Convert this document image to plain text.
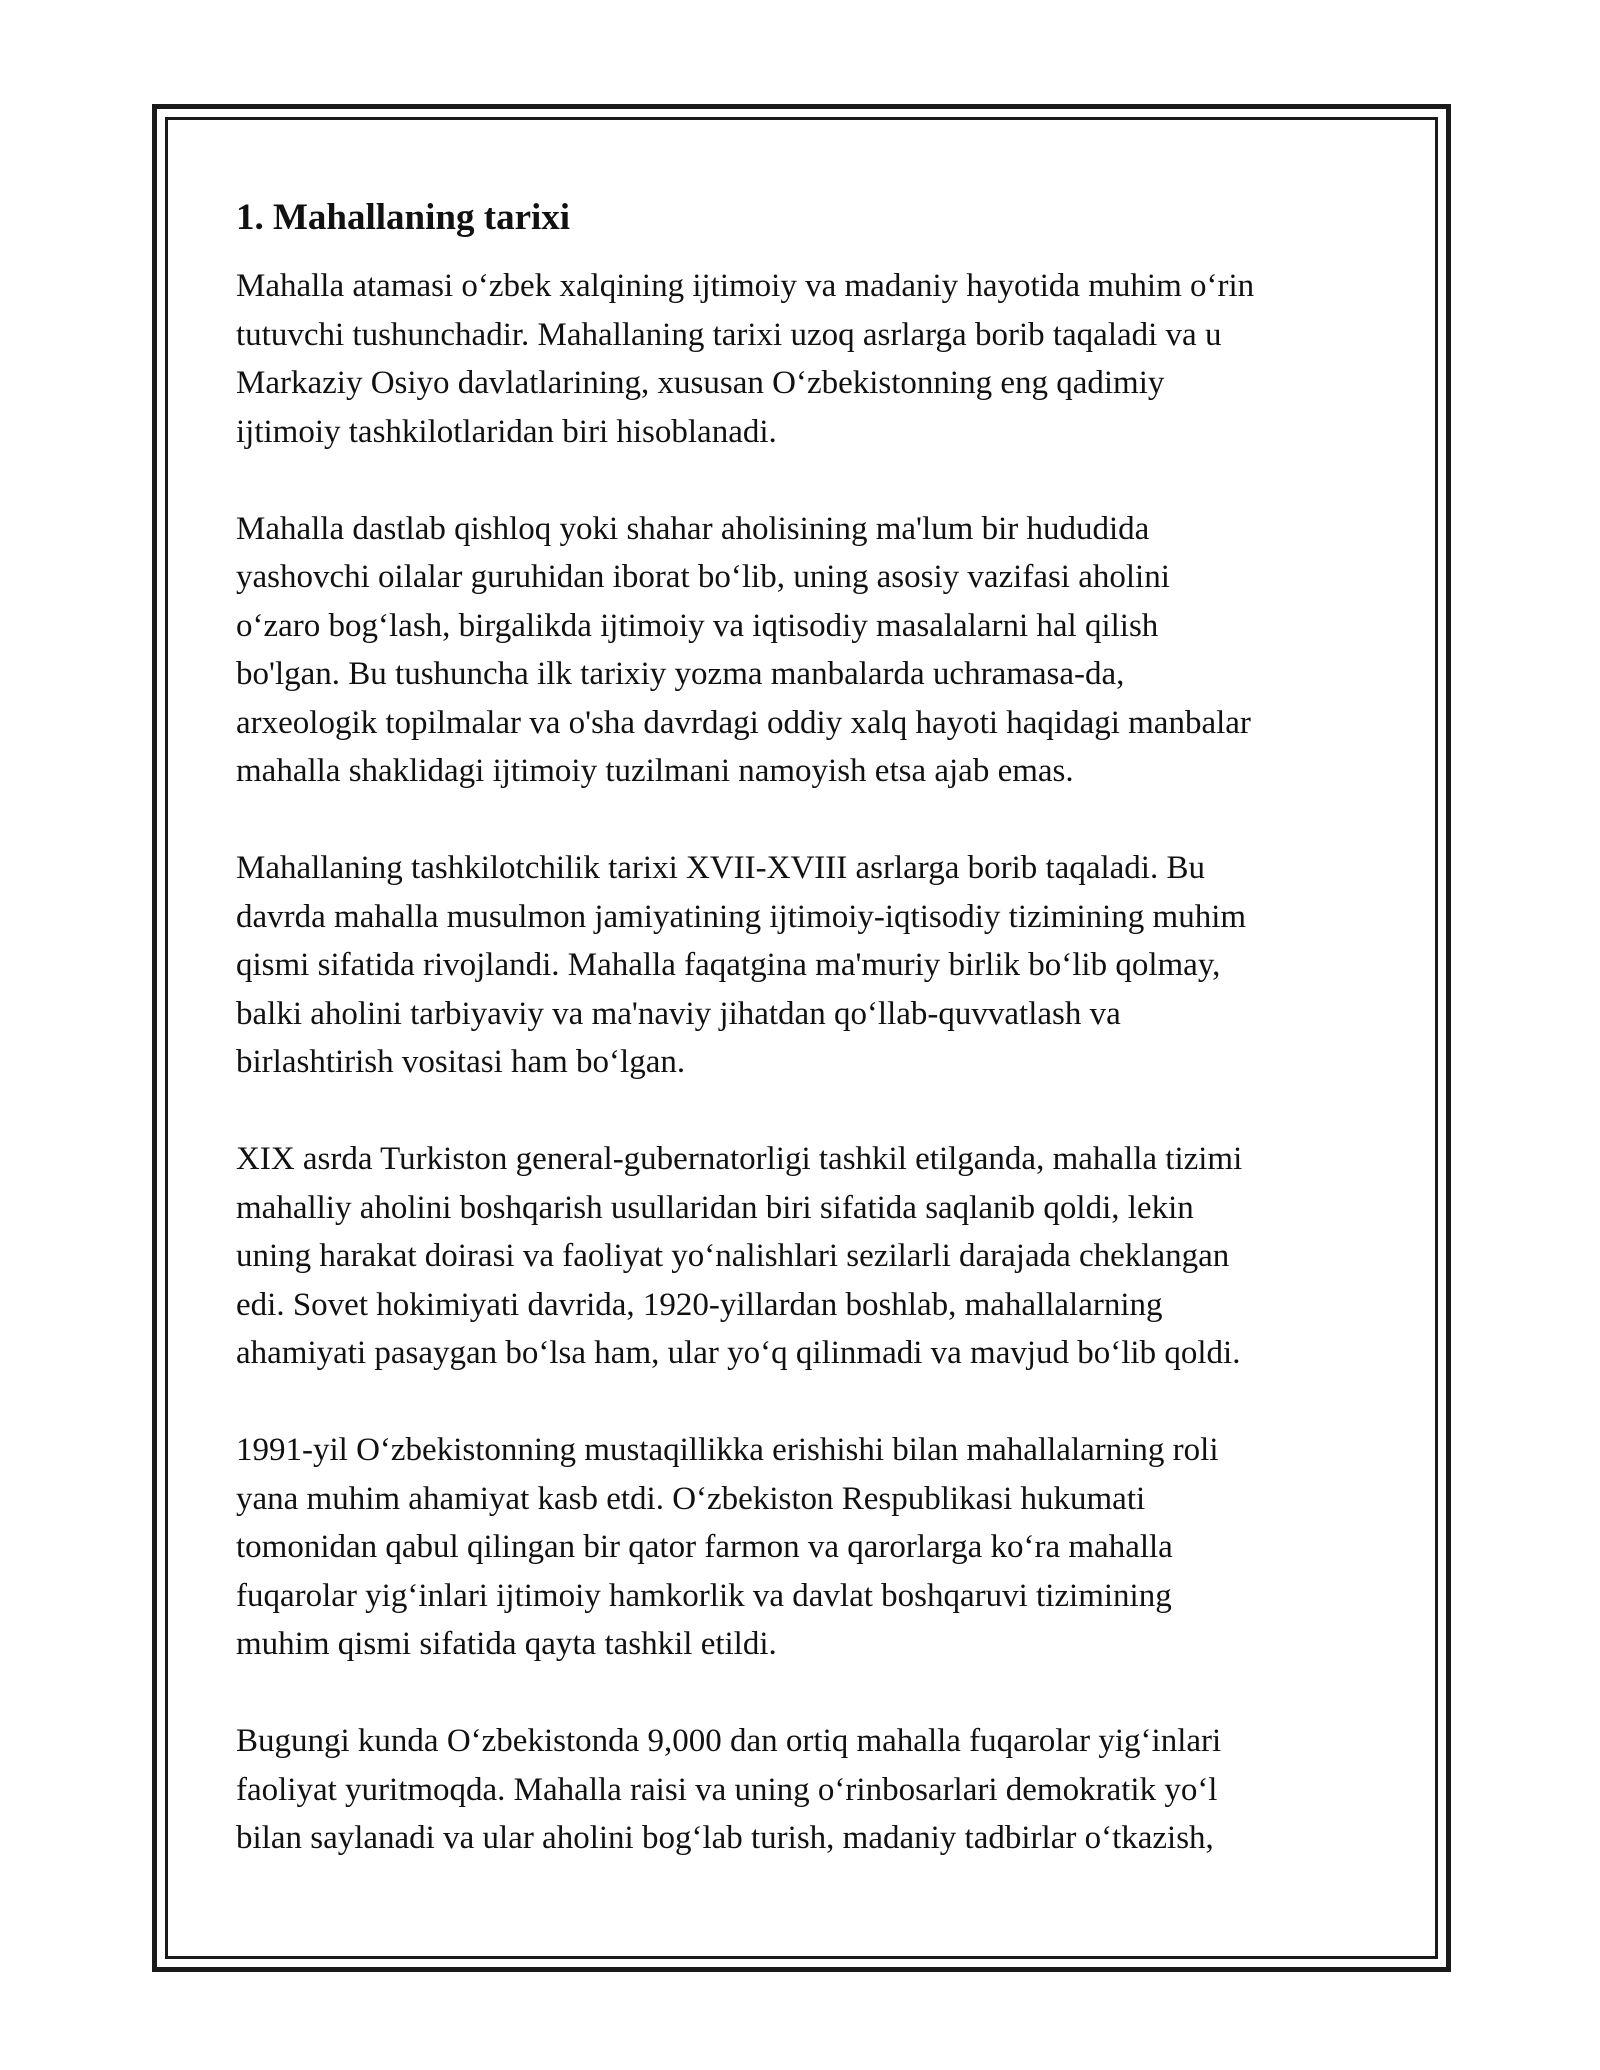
1. Mahallaning tarixi
Mahalla atamasi o‘zbek xalqining ijtimoiy va madaniy hayotida muhim o‘rin
tutuvchi tushunchadir. Mahallaning tarixi uzoq asrlarga borib taqaladi va u
Markaziy Osiyo davlatlarining, xususan O‘zbekistonning eng qadimiy
ijtimoiy tashkilotlaridan biri hisoblanadi.
Mahalla dastlab qishloq yoki shahar aholisining ma'lum bir hududida
yashovchi oilalar guruhidan iborat bo‘lib, uning asosiy vazifasi aholini
o‘zaro bog‘lash, birgalikda ijtimoiy va iqtisodiy masalalarni hal qilish
bo'lgan. Bu tushuncha ilk tarixiy yozma manbalarda uchramasa-da,
arxeologik topilmalar va o'sha davrdagi oddiy xalq hayoti haqidagi manbalar
mahalla shaklidagi ijtimoiy tuzilmani namoyish etsa ajab emas.
Mahallaning tashkilotchilik tarixi XVII-XVIII asrlarga borib taqaladi. Bu
davrda mahalla musulmon jamiyatining ijtimoiy-iqtisodiy tizimining muhim
qismi sifatida rivojlandi. Mahalla faqatgina ma'muriy birlik bo‘lib qolmay,
balki aholini tarbiyaviy va ma'naviy jihatdan qo‘llab-quvvatlash va
birlashtirish vositasi ham bo‘lgan.
XIX asrda Turkiston general-gubernatorligi tashkil etilganda, mahalla tizimi
mahalliy aholini boshqarish usullaridan biri sifatida saqlanib qoldi, lekin
uning harakat doirasi va faoliyat yo‘nalishlari sezilarli darajada cheklangan
edi. Sovet hokimiyati davrida, 1920-yillardan boshlab, mahallalarning
ahamiyati pasaygan bo‘lsa ham, ular yo‘q qilinmadi va mavjud bo‘lib qoldi.
1991-yil O‘zbekistonning mustaqillikka erishishi bilan mahallalarning roli
yana muhim ahamiyat kasb etdi. O‘zbekiston Respublikasi hukumati
tomonidan qabul qilingan bir qator farmon va qarorlarga ko‘ra mahalla
fuqarolar yig‘inlari ijtimoiy hamkorlik va davlat boshqaruvi tizimining
muhim qismi sifatida qayta tashkil etildi.
Bugungi kunda O‘zbekistonda 9,000 dan ortiq mahalla fuqarolar yig‘inlari
faoliyat yuritmoqda. Mahalla raisi va uning o‘rinbosarlari demokratik yo‘l
bilan saylanadi va ular aholini bog‘lab turish, madaniy tadbirlar o‘tkazish,
